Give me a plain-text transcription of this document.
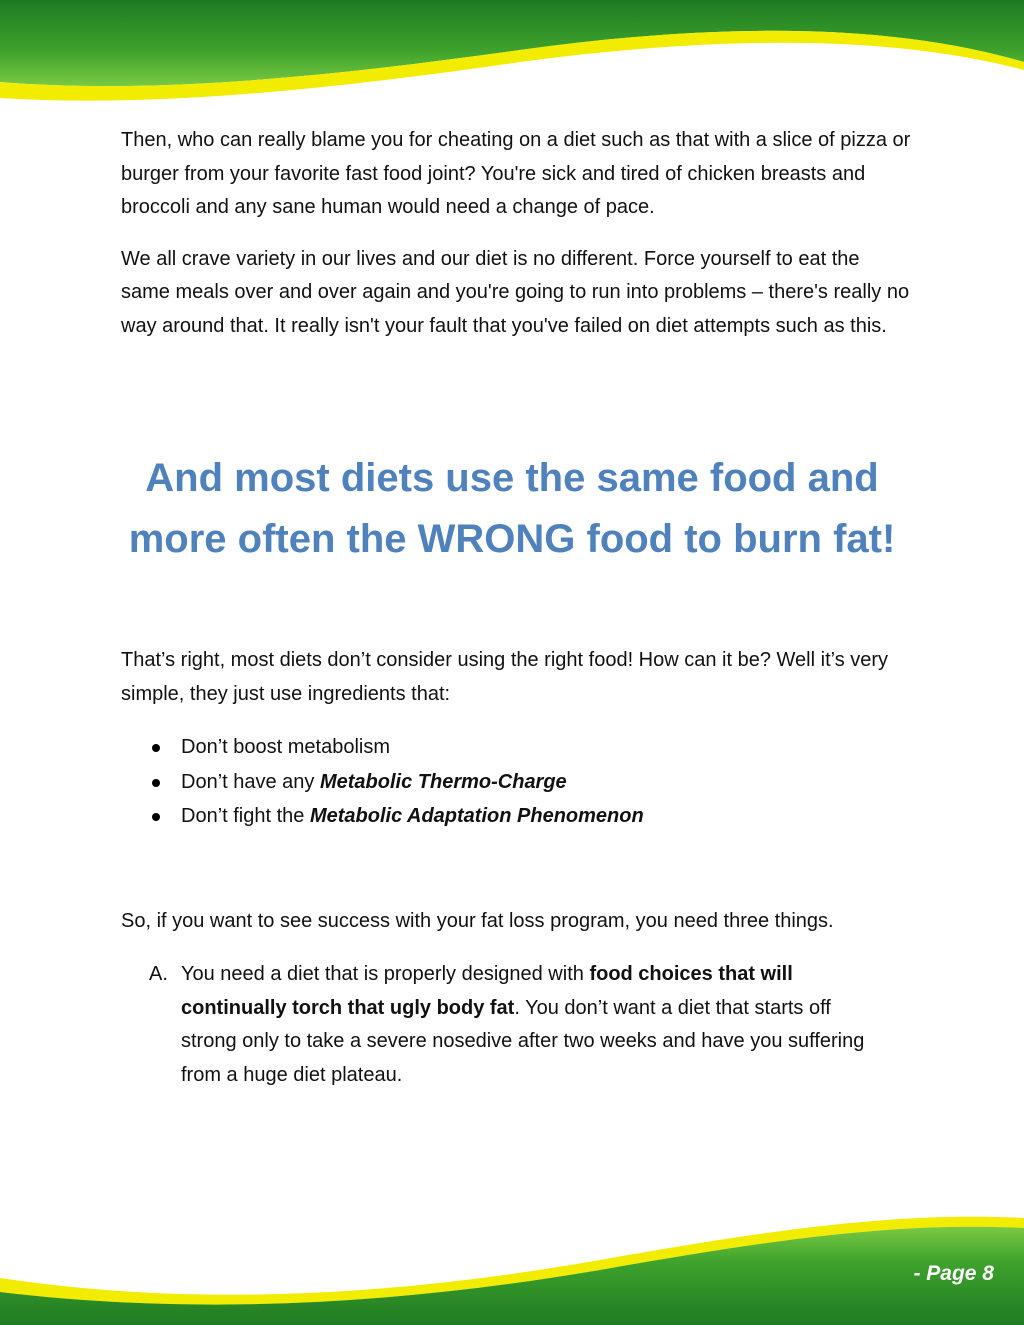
Then, who can really blame you for cheating on a diet such as that with a slice of pizza or burger from your favorite fast food joint? You're sick and tired of chicken breasts and broccoli and any sane human would need a change of pace.

We all crave variety in our lives and our diet is no different. Force yourself to eat the same meals over and over again and you're going to run into problems – there's really no way around that. It really isn't your fault that you've failed on diet attempts such as this.

And most diets use the same food and
more often the WRONG food to burn fat!

That’s right, most diets don’t consider using the right food! How can it be? Well it’s very simple, they just use ingredients that:

Don’t boost metabolism
Don’t have any Metabolic Thermo-Charge
Don’t fight the Metabolic Adaptation Phenomenon

So, if you want to see success with your fat loss program, you need three things.

A. You need a diet that is properly designed with food choices that will continually torch that ugly body fat. You don’t want a diet that starts off strong only to take a severe nosedive after two weeks and have you suffering from a huge diet plateau.
- Page 8
